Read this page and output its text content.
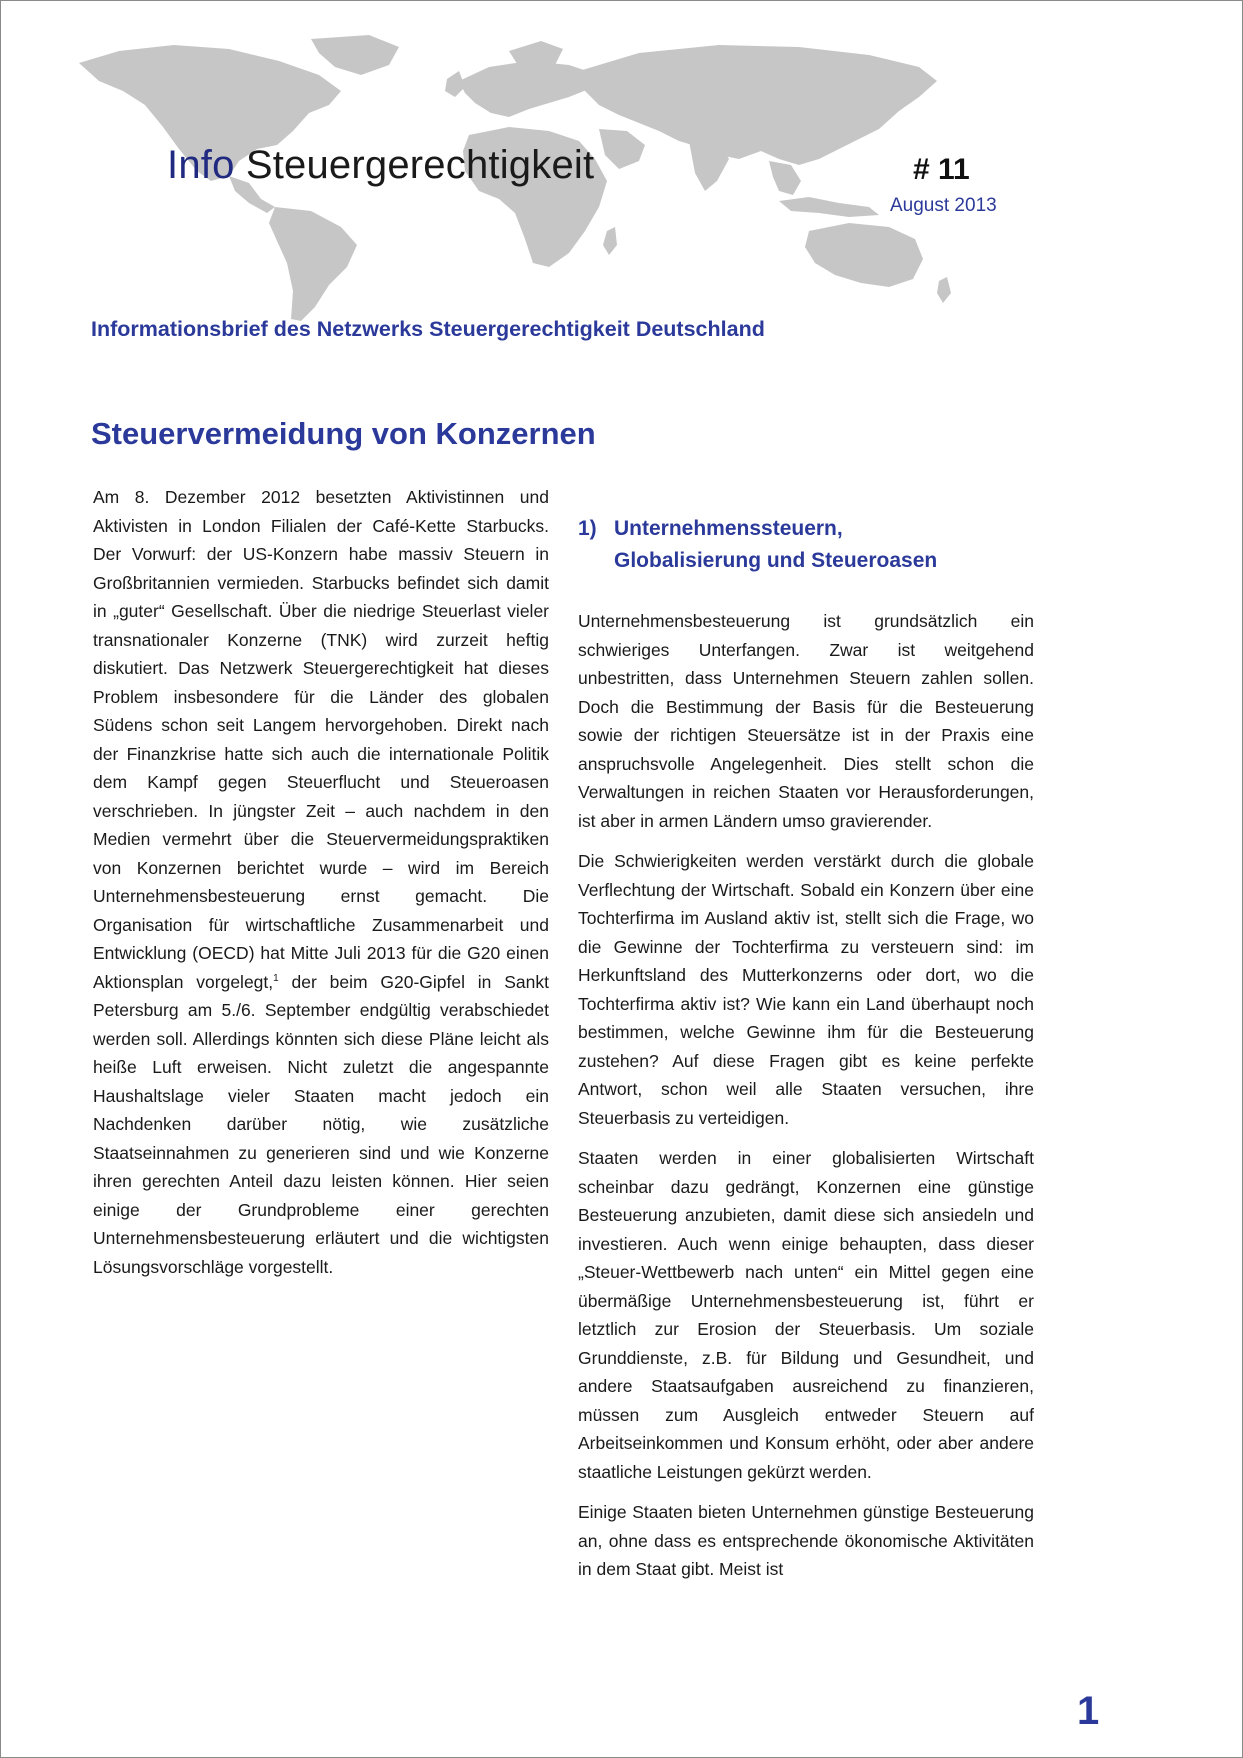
Info Steuergerechtigkeit	# 11
August 2013
Informationsbrief des Netzwerks Steuergerechtigkeit Deutschland
Steuervermeidung von Konzernen

Am 8. Dezember 2012 besetzten Aktivistinnen und Aktivisten in London Filialen der Café-Kette Starbucks. Der Vorwurf: der US-Konzern habe massiv Steuern in Großbritannien vermieden. Starbucks befindet sich damit in „guter“ Gesellschaft. Über die niedrige Steuerlast vieler transnationaler Konzerne (TNK) wird zurzeit heftig diskutiert. Das Netzwerk Steuergerechtigkeit hat dieses Problem insbesondere für die Länder des globalen Südens schon seit Langem hervorgehoben. Direkt nach der Finanzkrise hatte sich auch die internationale Politik dem Kampf gegen Steuerflucht und Steueroasen verschrieben. In jüngster Zeit – auch nachdem in den Medien vermehrt über die Steuervermeidungspraktiken von Konzernen berichtet wurde – wird im Bereich Unternehmensbesteuerung ernst gemacht. Die Organisation für wirtschaftliche Zusammenarbeit und Entwicklung (OECD) hat Mitte Juli 2013 für die G20 einen Aktionsplan vorgelegt,$^1$ der beim G20-Gipfel in Sankt Petersburg am 5./6. September endgültig verabschiedet werden soll. Allerdings könnten sich diese Pläne leicht als heiße Luft erweisen. Nicht zuletzt die angespannte Haushaltslage vieler Staaten macht jedoch ein Nachdenken darüber nötig, wie zusätzliche Staatseinnahmen zu generieren sind und wie Konzerne ihren gerechten Anteil dazu leisten können. Hier seien einige der Grundprobleme einer gerechten Unternehmensbesteuerung erläutert und die wichtigsten Lösungsvorschläge vorgestellt.

1) Unternehmenssteuern,
Globalisierung und Steueroasen

Unternehmensbesteuerung ist grundsätzlich ein schwieriges Unterfangen. Zwar ist weitgehend unbestritten, dass Unternehmen Steuern zahlen sollen. Doch die Bestimmung der Basis für die Besteuerung sowie der richtigen Steuersätze ist in der Praxis eine anspruchsvolle Angelegenheit. Dies stellt schon die Verwaltungen in reichen Staaten vor Herausforderungen, ist aber in armen Ländern umso gravierender.

Die Schwierigkeiten werden verstärkt durch die globale Verflechtung der Wirtschaft. Sobald ein Konzern über eine Tochterfirma im Ausland aktiv ist, stellt sich die Frage, wo die Gewinne der Tochterfirma zu versteuern sind: im Herkunftsland des Mutterkonzerns oder dort, wo die Tochterfirma aktiv ist? Wie kann ein Land überhaupt noch bestimmen, welche Gewinne ihm für die Besteuerung zustehen? Auf diese Fragen gibt es keine perfekte Antwort, schon weil alle Staaten versuchen, ihre Steuerbasis zu verteidigen.

Staaten werden in einer globalisierten Wirtschaft scheinbar dazu gedrängt, Konzernen eine günstige Besteuerung anzubieten, damit diese sich ansiedeln und investieren. Auch wenn einige behaupten, dass dieser „Steuer-Wettbewerb nach unten“ ein Mittel gegen eine übermäßige Unternehmensbesteuerung ist, führt er letztlich zur Erosion der Steuerbasis. Um soziale Grunddienste, z.B. für Bildung und Gesundheit, und andere Staatsaufgaben ausreichend zu finanzieren, müssen zum Ausgleich entweder Steuern auf Arbeitseinkommen und Konsum erhöht, oder aber andere staatliche Leistungen gekürzt werden.

Einige Staaten bieten Unternehmen günstige Besteuerung an, ohne dass es entsprechende ökonomische Aktivitäten in dem Staat gibt. Meist ist

1
